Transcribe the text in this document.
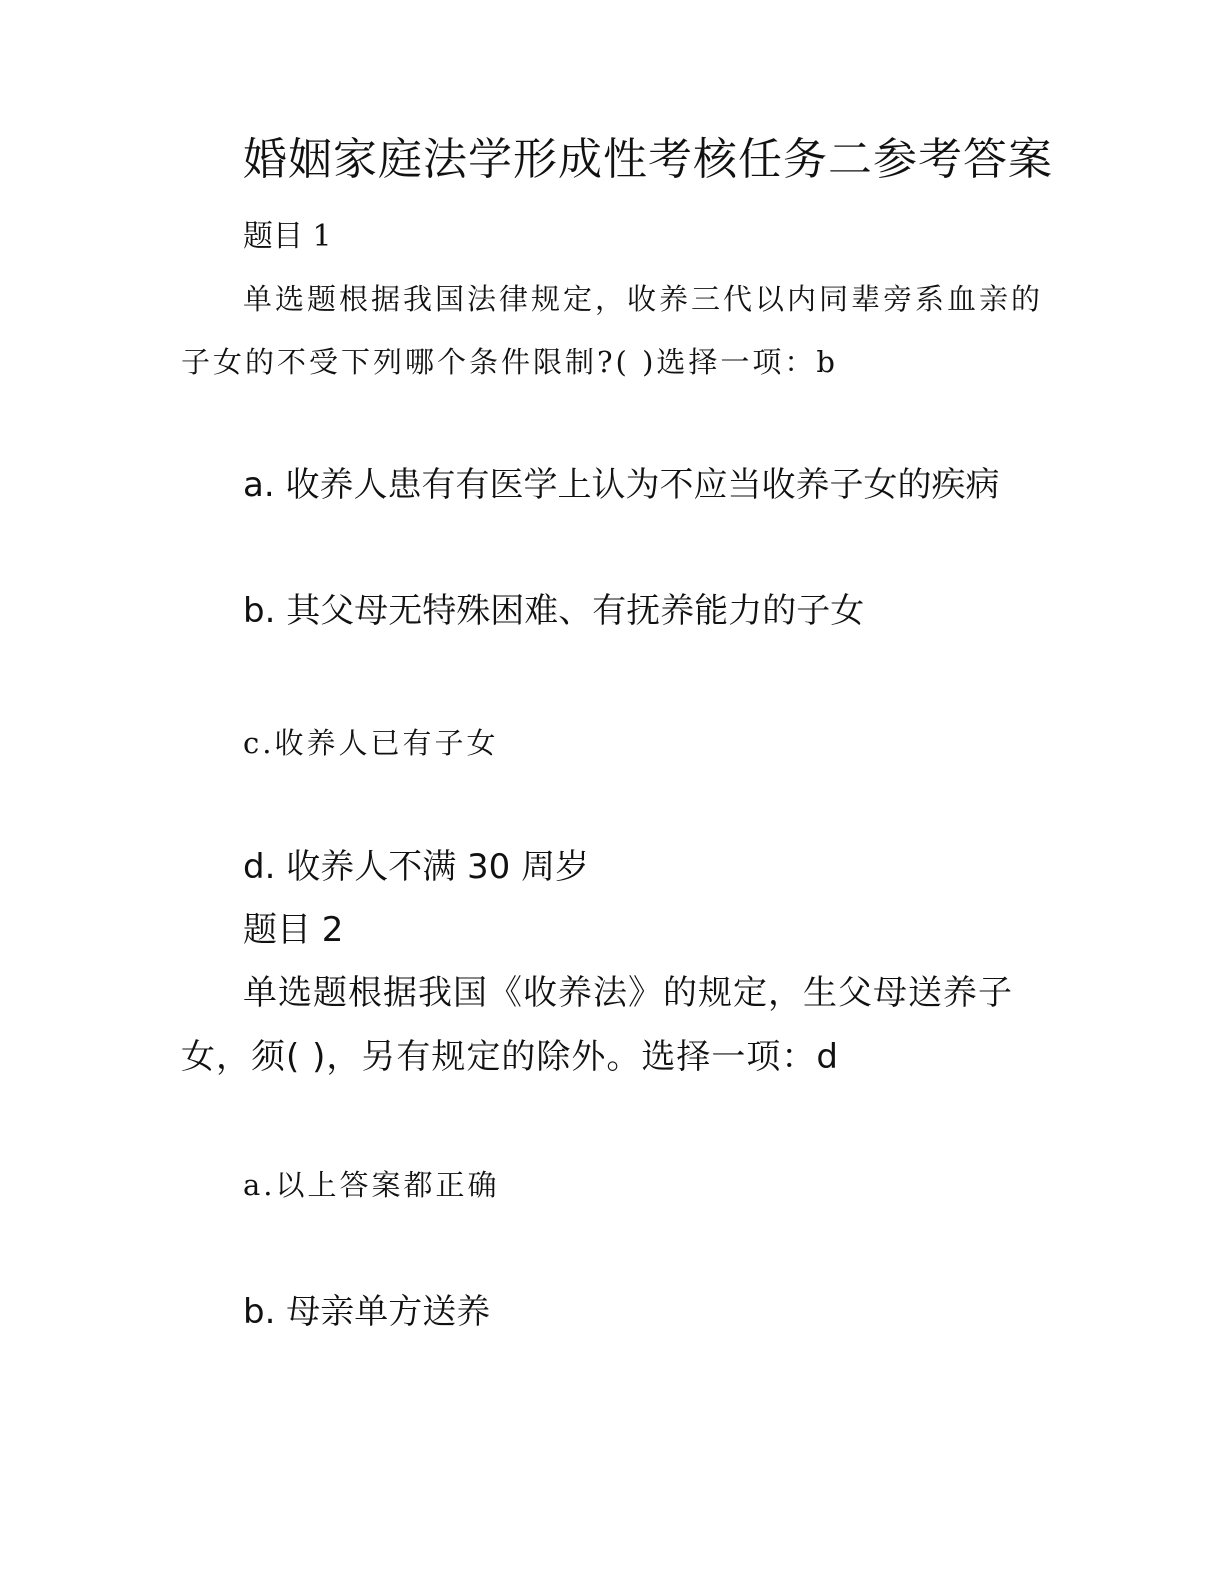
婚姻家庭法学形成性考核任务二参考答案
题目 1
单选题根据我国法律规定，收养三代以内同辈旁系血亲的
子女的不受下列哪个条件限制?( )选择一项：b
a. 收养人患有有医学上认为不应当收养子女的疾病
b. 其父母无特殊困难、有抚养能力的子女
c.收养人已有子女
d. 收养人不满 30 周岁
题目 2
单选题根据我国《收养法》的规定，生父母送养子
女，须( )，另有规定的除外。选择一项：d
a.以上答案都正确
b. 母亲单方送养
